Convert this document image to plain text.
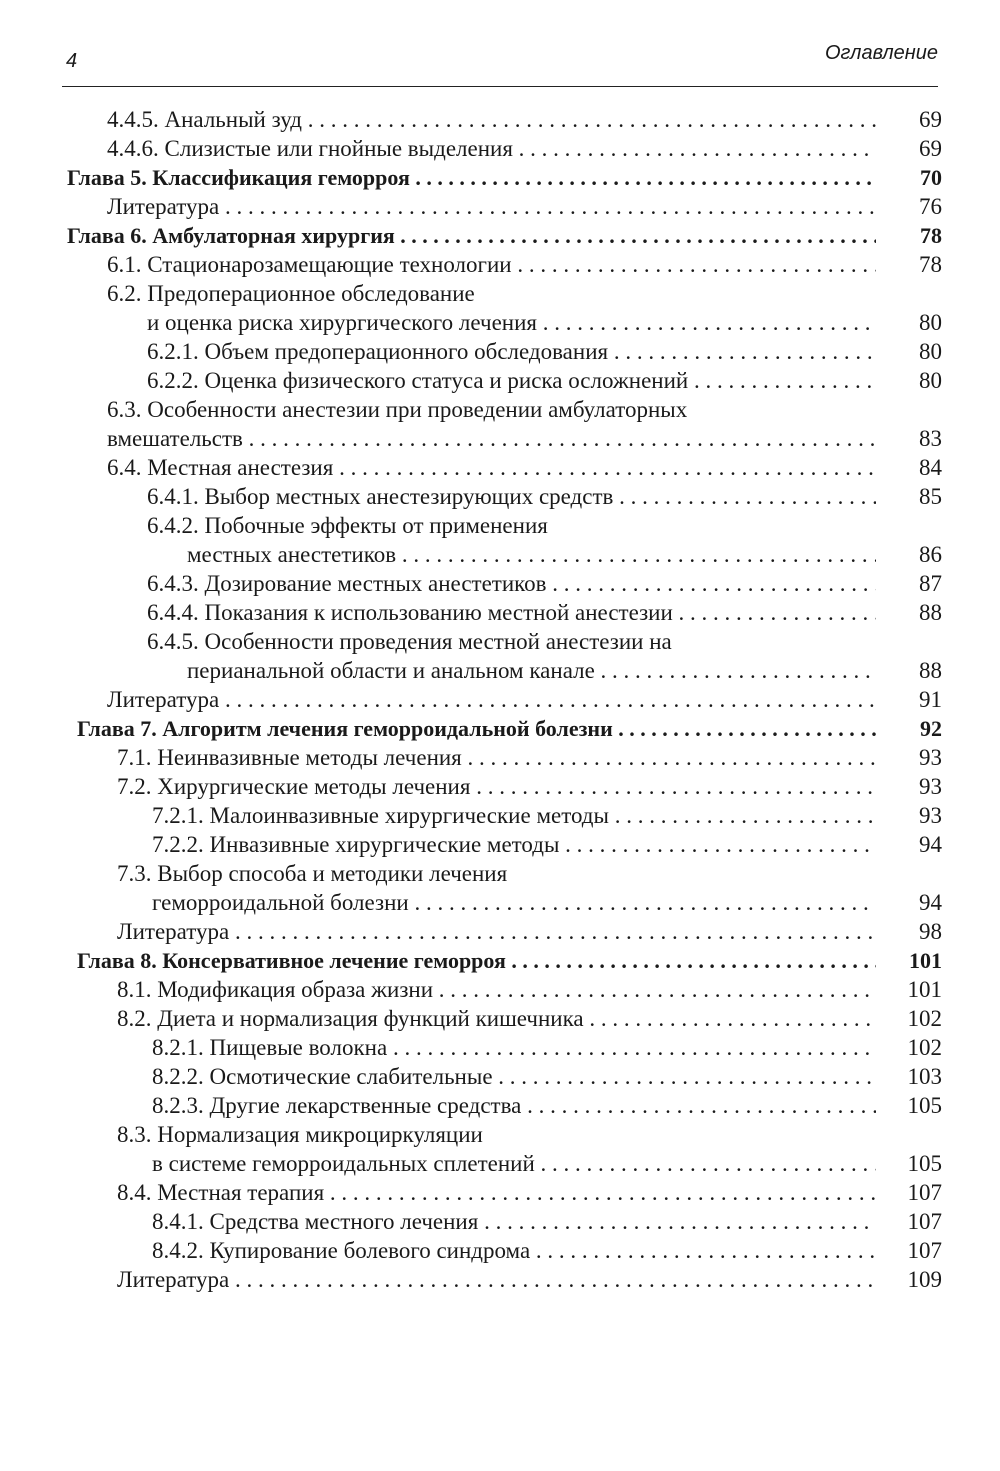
4	Оглавление
4.4.5. Анальный зуд . . .	69
4.4.6. Слизистые или гнойные выделения . . .	69
Глава 5. Классификация геморроя . . .	70
Литература . . .	76
Глава 6. Амбулаторная хирургия . . .	78
6.1. Стационарозамещающие технологии . . .	78
6.2. Предоперационное обследование
и оценка риска хирургического лечения . . .	80
6.2.1. Объем предоперационного обследования . . .	80
6.2.2. Оценка физического статуса и риска осложнений . . .	80
6.3. Особенности анестезии при проведении амбулаторных
вмешательств . . .	83
6.4. Местная анестезия . . .	84
6.4.1. Выбор местных анестезирующих средств . . .	85
6.4.2. Побочные эффекты от применения
местных анестетиков . . .	86
6.4.3. Дозирование местных анестетиков . . .	87
6.4.4. Показания к использованию местной анестезии . . .	88
6.4.5. Особенности проведения местной анестезии на
перианальной области и анальном канале . . .	88
Литература . . .	91
Глава 7. Алгоритм лечения геморроидальной болезни . . .	92
7.1. Неинвазивные методы лечения . . .	93
7.2. Хирургические методы лечения . . .	93
7.2.1. Малоинвазивные хирургические методы . . .	93
7.2.2. Инвазивные хирургические методы . . .	94
7.3. Выбор способа и методики лечения
геморроидальной болезни . . .	94
Литература . . .	98
Глава 8. Консервативное лечение геморроя . . .	101
8.1. Модификация образа жизни . . .	101
8.2. Диета и нормализация функций кишечника . . .	102
8.2.1. Пищевые волокна . . .	102
8.2.2. Осмотические слабительные . . .	103
8.2.3. Другие лекарственные средства . . .	105
8.3. Нормализация микроциркуляции
в системе геморроидальных сплетений . . .	105
8.4. Местная терапия . . .	107
8.4.1. Средства местного лечения . . .	107
8.4.2. Купирование болевого синдрома . . .	107
Литература . . .	109
